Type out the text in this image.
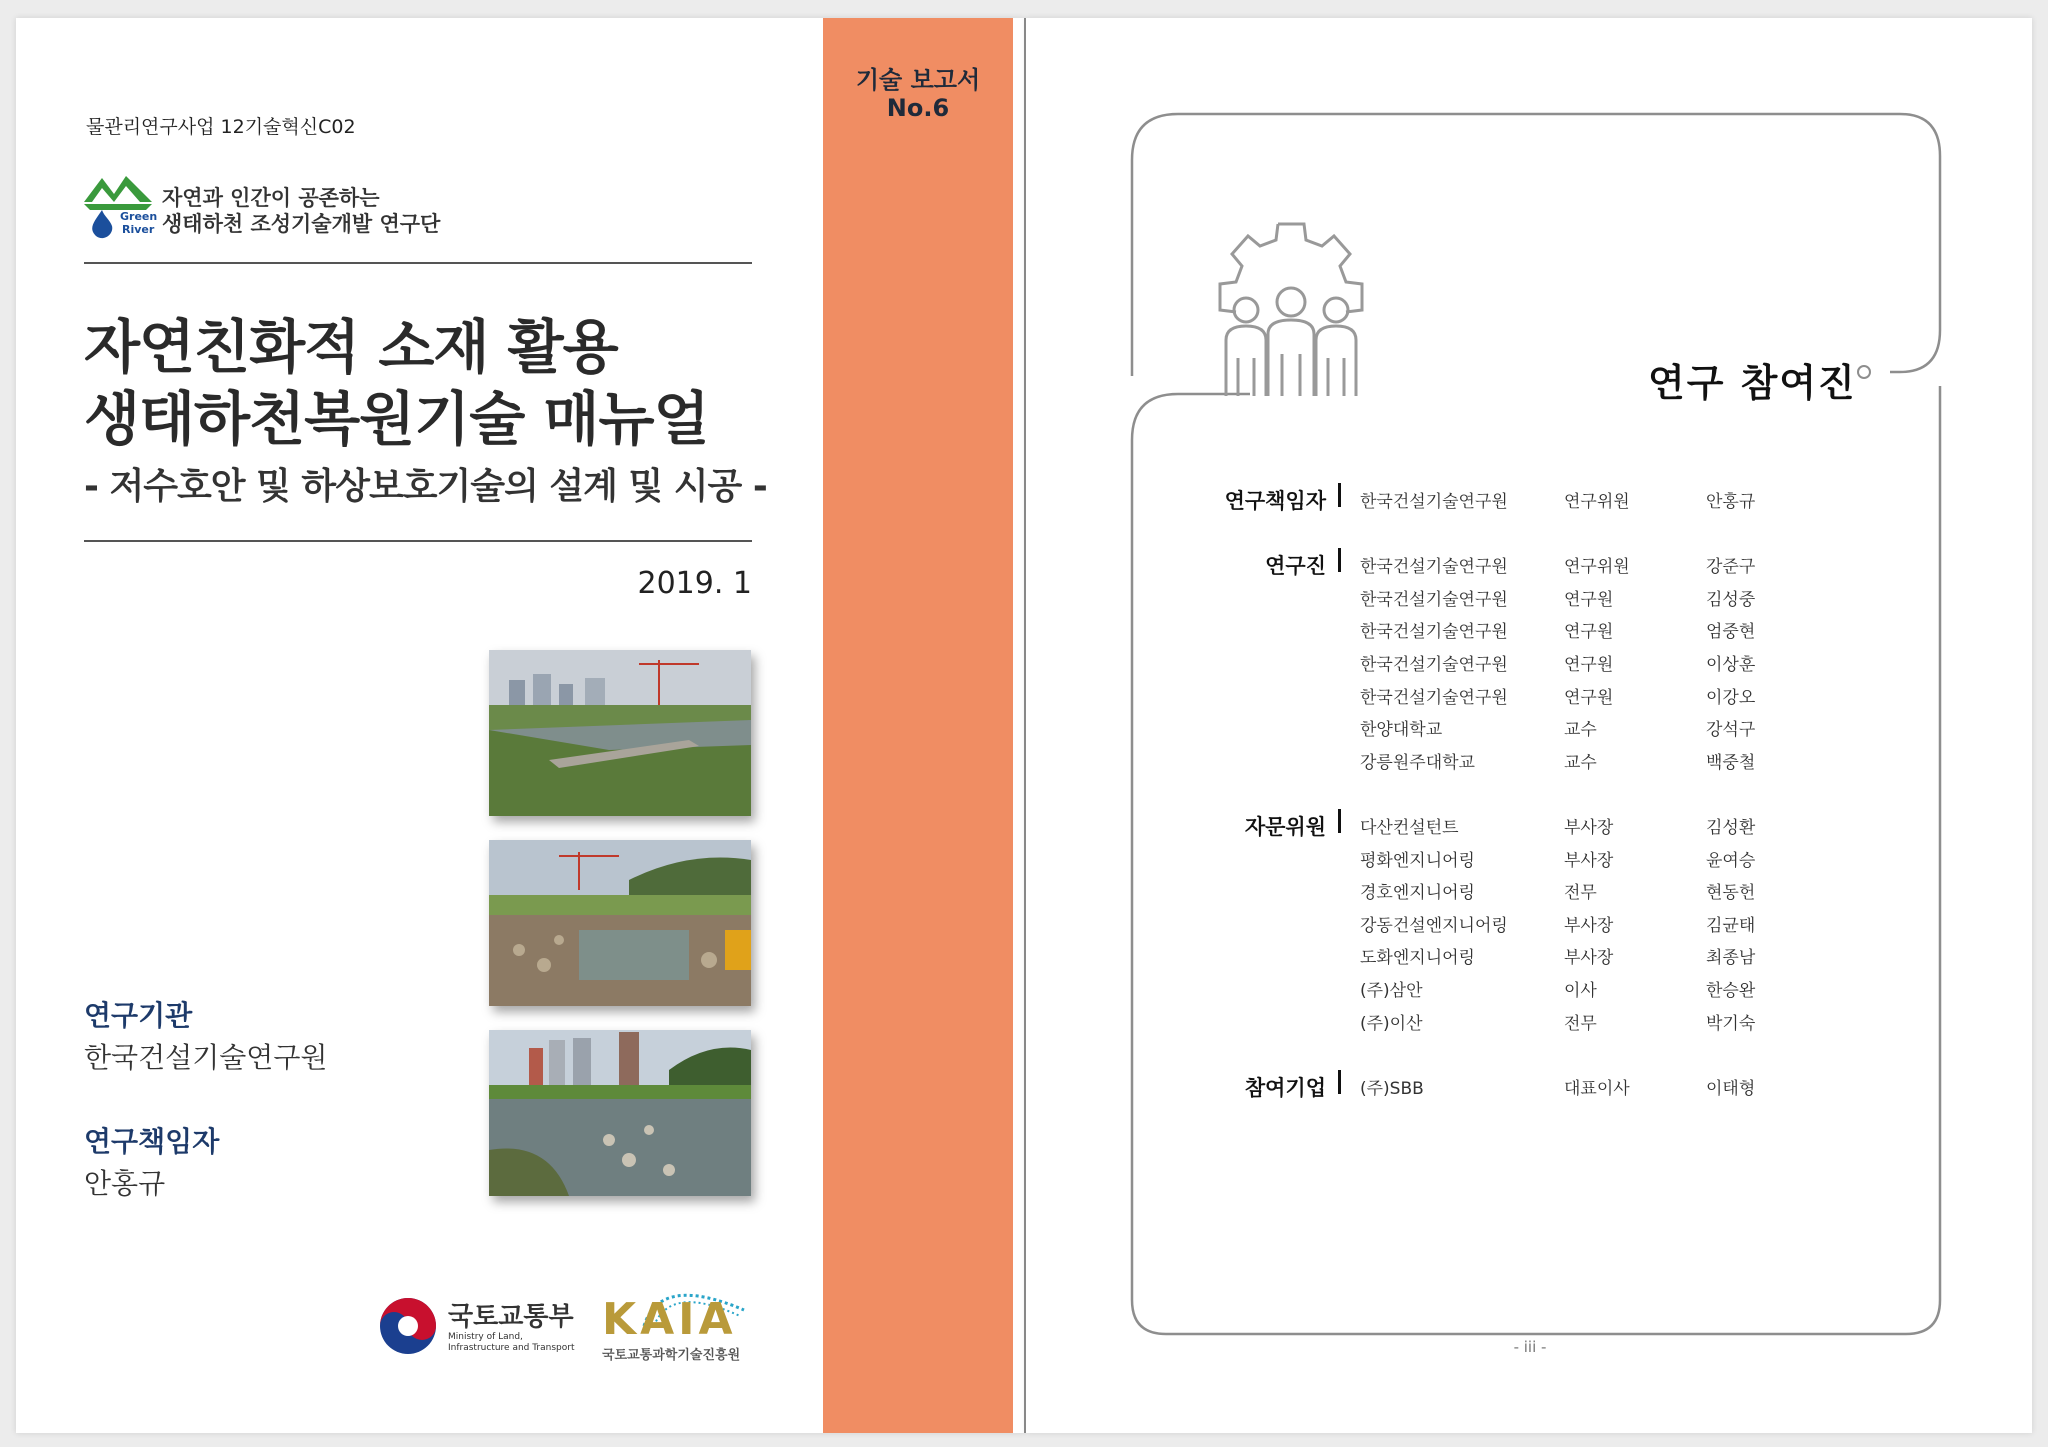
물관리연구사업 12기술혁신C02
Green
River
자연과 인간이 공존하는
생태하천 조성기술개발 연구단
자연친화적 소재 활용
생태하천복원기술 매뉴얼
- 저수호안 및 하상보호기술의 설계 및 시공 -
2019. 1
연구기관
한국건설기술연구원
연구책임자
안홍규
국토교통부
Ministry of Land,
Infrastructure and Transport
KAIA
국토교통과학기술진흥원
기술 보고서
No.6
연구 참여진
연구책임자 한국건설기술연구원	연구위원	안홍규
연구진 한국건설기술연구원	연구위원	강준구
한국건설기술연구원	연구원	김성중
한국건설기술연구원	연구원	엄중현
한국건설기술연구원	연구원	이상훈
한국건설기술연구원	연구원	이강오
한양대학교	교수	강석구
강릉원주대학교	교수	백중철
자문위원 다산컨설턴트	부사장	김성환
평화엔지니어링	부사장	윤여승
경호엔지니어링	전무	현동헌
강동건설엔지니어링	부사장	김균태
도화엔지니어링	부사장	최종남
(주)삼안	이사	한승완
(주)이산	전무	박기숙
참여기업 (주)SBB	대표이사	이태형
- iii -
